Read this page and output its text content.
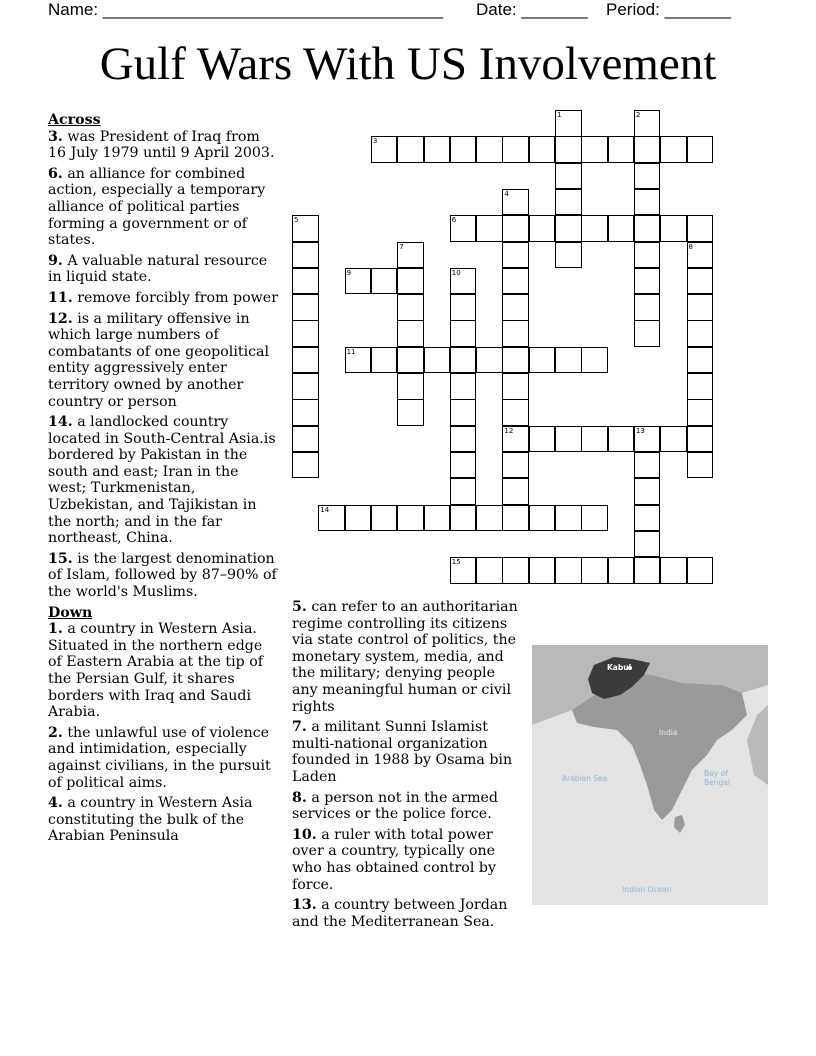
Name: ____________________________________ Date: _______ Period: _______
Gulf Wars With US Involvement

Across

3. was President of Iraq from 16 July 1979 until 9 April 2003.

6. an alliance for combined action, especially a temporary alliance of political parties forming a government or of states.

9. A valuable natural resource in liquid state.

11. remove forcibly from power

12. is a military offensive in which large numbers of combatants of one geopolitical entity aggressively enter territory owned by another country or person

14. a landlocked country located in South-Central Asia.is bordered by Pakistan in the south and east; Iran in the west; Turkmenistan, Uzbekistan, and Tajikistan in the north; and in the far northeast, China.

15. is the largest denomination of Islam, followed by 87–90% of the world's Muslims.

Down

1. a country in Western Asia. Situated in the northern edge of Eastern Arabia at the tip of the Persian Gulf, it shares borders with Iraq and Saudi Arabia.

2. the unlawful use of violence and intimidation, especially against civilians, in the pursuit of political aims.

4. a country in Western Asia constituting the bulk of the Arabian Peninsula

5. can refer to an authoritarian regime controlling its citizens via state control of politics, the monetary system, media, and the military; denying people any meaningful human or civil rights

7. a militant Sunni Islamist multi-national organization founded in 1988 by Osama bin Laden

8. a person not in the armed services or the police force.

10. a ruler with total power over a country, typically one who has obtained control by force.

13. a country between Jordan and the Mediterranean Sea.

1	2
3
4
5	6
7	8
9	10
11
12	13
14
15
Kabul
India
Arabian Sea
Bay of Bengal
Indian Ocean
